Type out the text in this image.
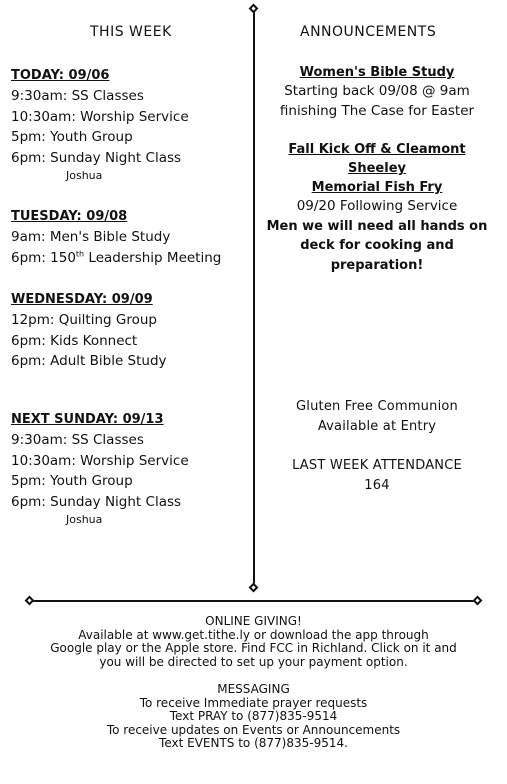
THIS WEEK	ANNOUNCEMENTS
TODAY: 09/06
9:30am: SS Classes
10:30am: Worship Service
5pm: Youth Group
6pm: Sunday Night Class
Joshua
TUESDAY: 09/08
9am: Men's Bible Study
6pm: 150th Leadership Meeting
WEDNESDAY: 09/09
12pm: Quilting Group
6pm: Kids Konnect
6pm: Adult Bible Study
NEXT SUNDAY: 09/13
9:30am: SS Classes
10:30am: Worship Service
5pm: Youth Group
6pm: Sunday Night Class
Joshua
Women's Bible Study
Starting back 09/08 @ 9am
finishing The Case for Easter
Fall Kick Off & Cleamont Sheeley
Memorial Fish Fry
09/20 Following Service
Men we will need all hands on
deck for cooking and
preparation!
Gluten Free Communion
Available at Entry
LAST WEEK ATTENDANCE
164
ONLINE GIVING!
Available at www.get.tithe.ly or download the app through
Google play or the Apple store. Find FCC in Richland. Click on it and
you will be directed to set up your payment option.
MESSAGING
To receive Immediate prayer requests
Text PRAY to (877)835-9514
To receive updates on Events or Announcements
Text EVENTS to (877)835-9514.
